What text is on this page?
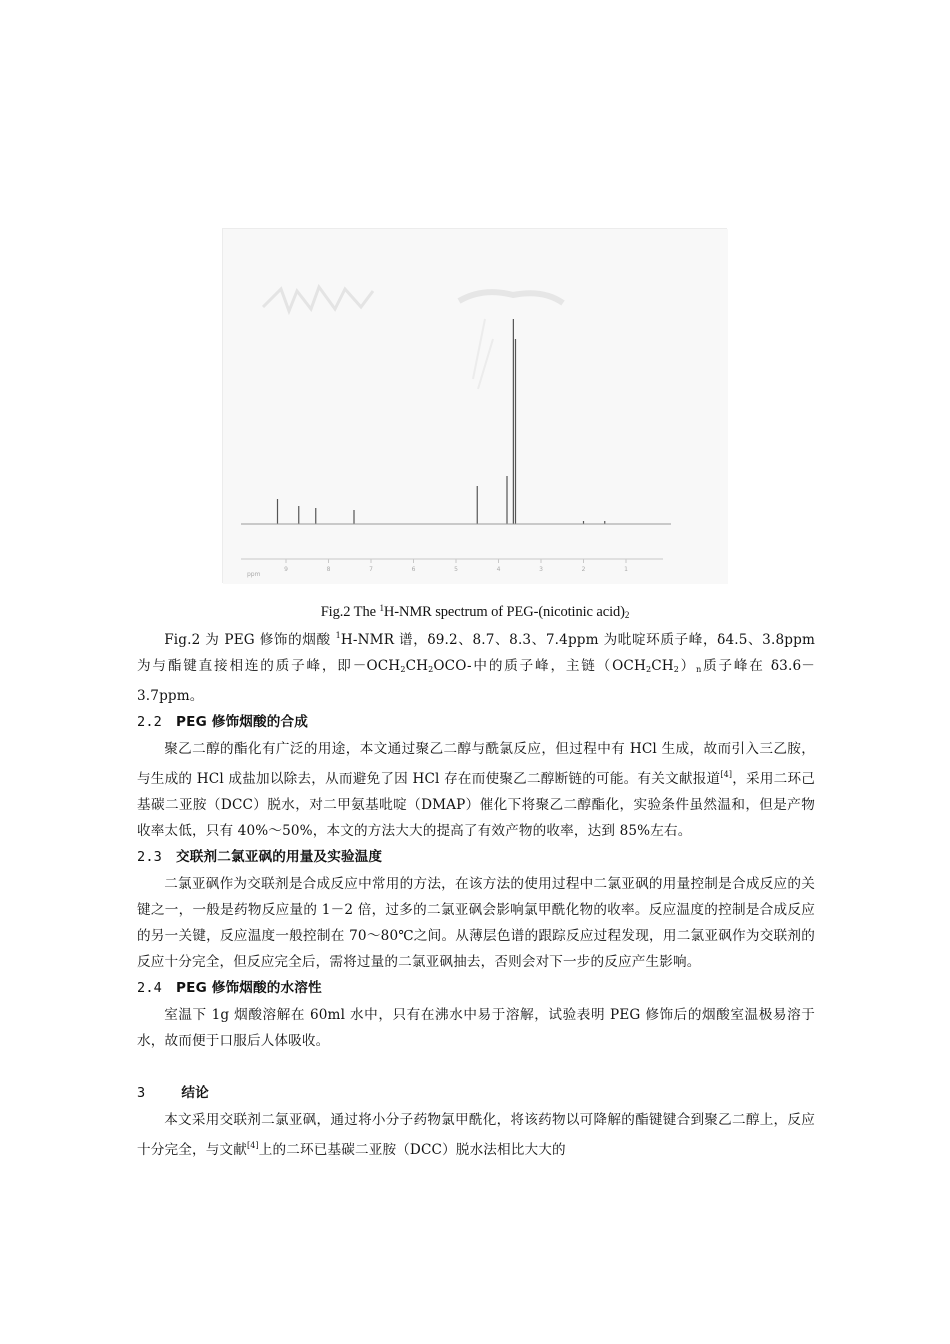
9	8	7	6	5	4	3	2	1
ppm
Fig.2 The $^1$H-NMR spectrum of PEG-(nicotinic $acid)_2$

Fig.2 为 PEG 修饰的烟酸 $^1$H-NMR 谱，δ9.2、8.7、8.3、7.4ppm 为吡啶环质子峰，δ4.5、3.8ppm 为与酯键直接相连的质子峰，即$-OCH_2CH_2OCO-$中的质子峰，主链$(OCH_2CH_2)_n$质子峰在 δ3.6－3.7ppm。

2.2 PEG 修饰烟酸的合成

聚乙二醇的酯化有广泛的用途，本文通过聚乙二醇与酰氯反应，但过程中有 HCl 生成，故而引入三乙胺，与生成的 HCl 成盐加以除去，从而避免了因 HCl 存在而使聚乙二醇断链的可能。有关文献报道[4]，采用二环己基碳二亚胺（DCC）脱水，对二甲氨基吡啶（DMAP）催化下将聚乙二醇酯化，实验条件虽然温和，但是产物收率太低，只有 40%～50%，本文的方法大大的提高了有效产物的收率，达到 85%左右。

2.3 交联剂二氯亚砜的用量及实验温度

二氯亚砜作为交联剂是合成反应中常用的方法，在该方法的使用过程中二氯亚砜的用量控制是合成反应的关键之一，一般是药物反应量的 1－2 倍，过多的二氯亚砜会影响氯甲酰化物的收率。反应温度的控制是合成反应的另一关键，反应温度一般控制在 70～80℃之间。从薄层色谱的跟踪反应过程发现，用二氯亚砜作为交联剂的反应十分完全，但反应完全后，需将过量的二氯亚砜抽去，否则会对下一步的反应产生影响。

2.4 PEG 修饰烟酸的水溶性

室温下 1g 烟酸溶解在 60ml 水中，只有在沸水中易于溶解，试验表明 PEG 修饰后的烟酸室温极易溶于水，故而便于口服后人体吸收。

3	结论

本文采用交联剂二氯亚砜，通过将小分子药物氯甲酰化，将该药物以可降解的酯键键合到聚乙二醇上，反应十分完全，与文献[4]上的二环已基碳二亚胺（DCC）脱水法相比大大的
